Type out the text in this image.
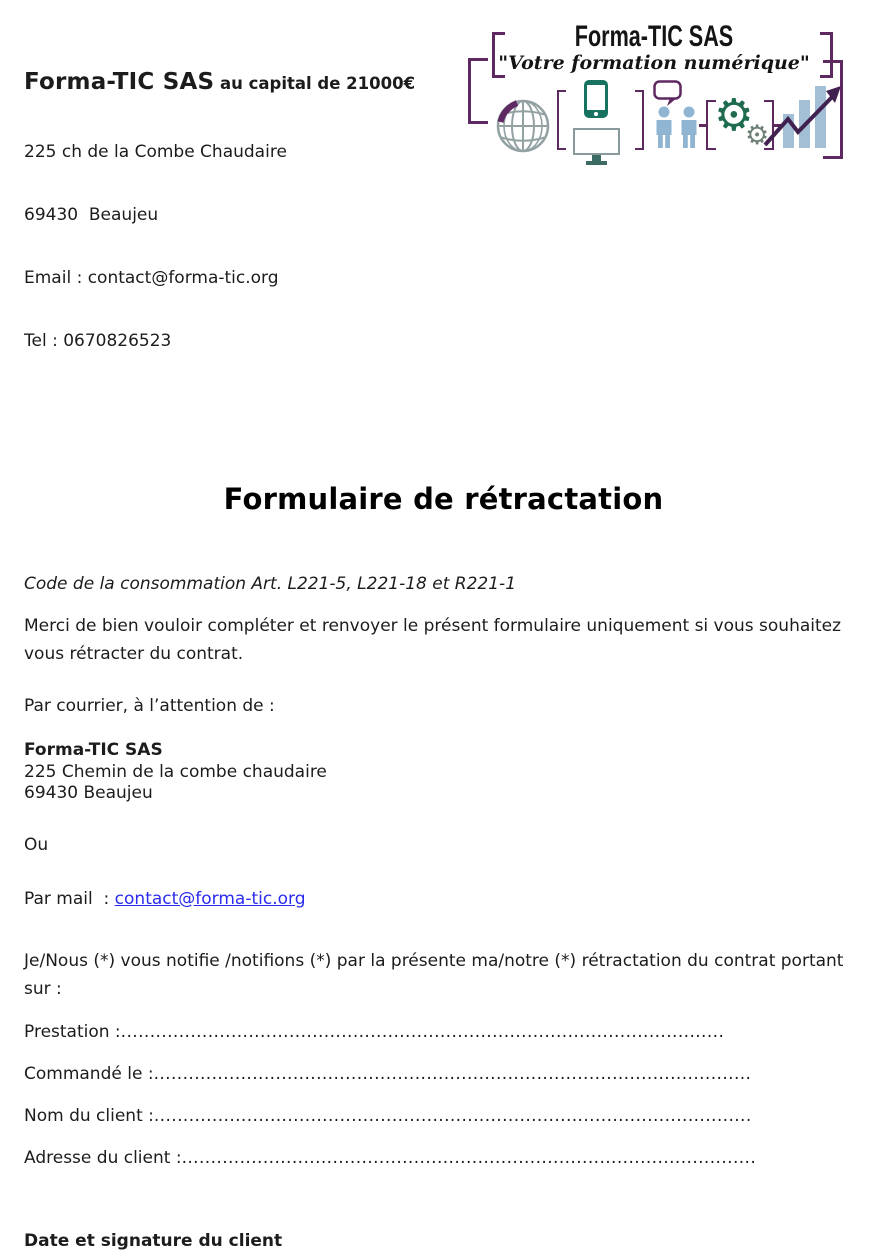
Forma-TIC SAS au capital de 21000€

225 ch de la Combe Chaudaire

69430  Beaujeu

Email : contact@forma-tic.org

Tel : 0670826523

Forma-TIC SAS
"Votre formation numérique"
⚙
⚙
Formulaire de rétractation

Code de la consommation Art. L221-5, L221-18 et R221-1

Merci de bien vouloir compléter et renvoyer le présent formulaire uniquement si vous souhaitez vous rétracter du contrat.

Par courrier, à l’attention de :

Forma-TIC SAS
225 Chemin de la combe chaudaire
69430 Beaujeu

Ou

Par mail  : contact@forma-tic.org

Je/Nous (*) vous notifie /notifions (*) par la présente ma/notre (*) rétractation du contrat portant sur :

Prestation :........................................................................................................
Commandé le :.......................................................................................................
Nom du client :.......................................................................................................
Adresse du client :...................................................................................................

Date et signature du client
